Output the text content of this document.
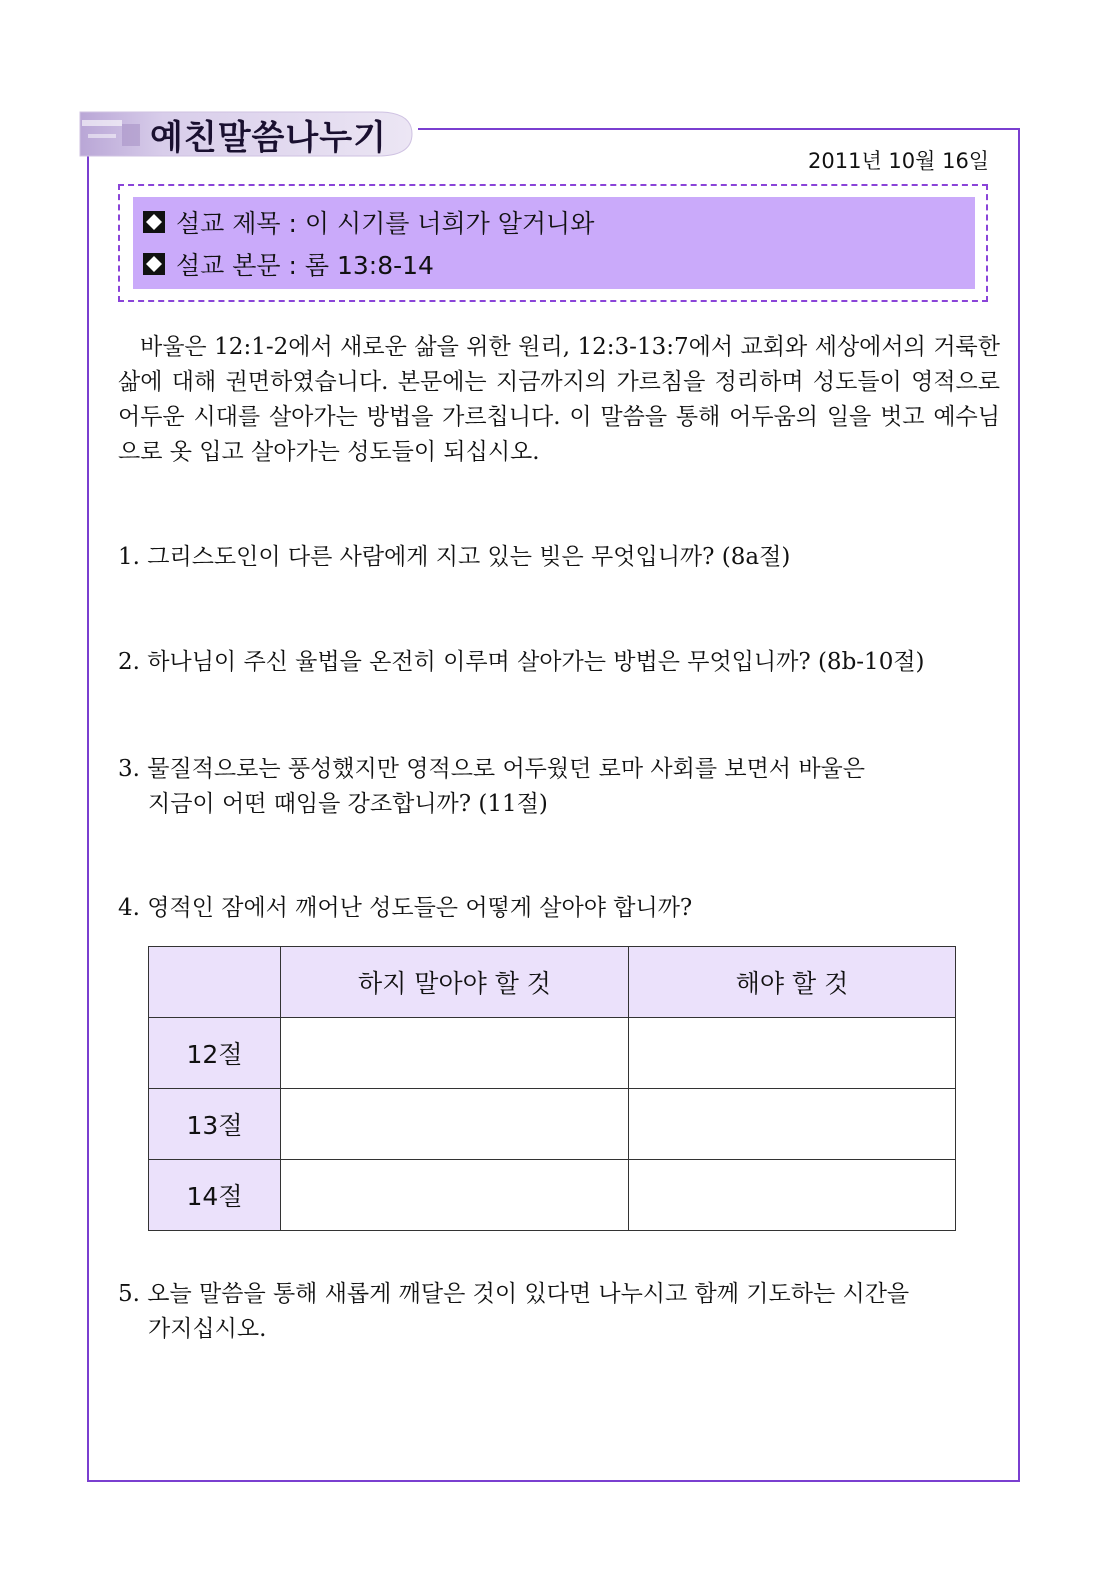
예친말씀나누기
2011년 10월 16일
설교 제목 : 이 시기를 너희가 알거니와
설교 본문 : 롬 13:8-14
바울은 12:1-2에서 새로운 삶을 위한 원리, 12:3-13:7에서 교회와 세상에서의 거룩한 삶에 대해 권면하였습니다. 본문에는 지금까지의 가르침을 정리하며 성도들이 영적으로 어두운 시대를 살아가는 방법을 가르칩니다. 이 말씀을 통해 어두움의 일을 벗고 예수님으로 옷 입고 살아가는 성도들이 되십시오.
1. 그리스도인이 다른 사람에게 지고 있는 빚은 무엇입니까? (8a절)
2. 하나님이 주신 율법을 온전히 이루며 살아가는 방법은 무엇입니까? (8b-10절)
3. 물질적으로는 풍성했지만 영적으로 어두웠던 로마 사회를 보면서 바울은
지금이 어떤 때임을 강조합니까? (11절)
4. 영적인 잠에서 깨어난 성도들은 어떻게 살아야 합니까?
	하지 말아야 할 것	해야 할 것
12절		
13절		
14절		
5. 오늘 말씀을 통해 새롭게 깨달은 것이 있다면 나누시고 함께 기도하는 시간을
가지십시오.
